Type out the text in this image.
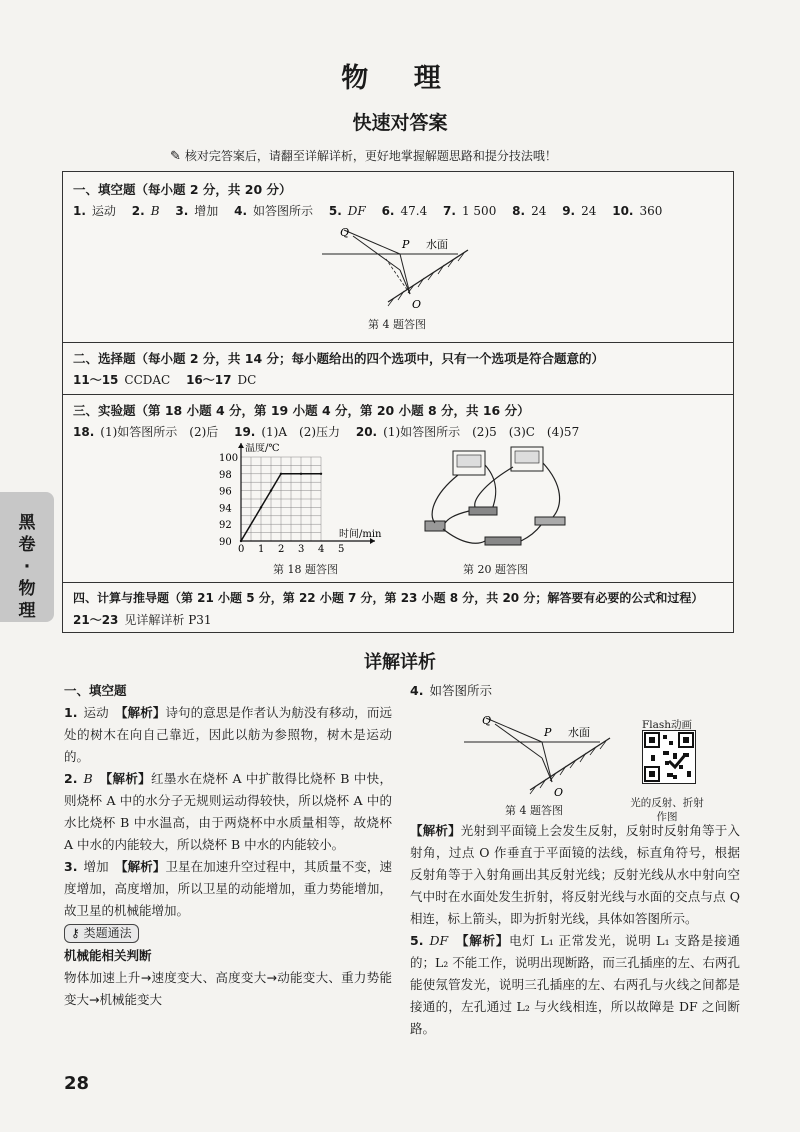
物 理
快速对答案
✎ 核对完答案后，请翻至详解详析，更好地掌握解题思路和提分技法哦！
一、填空题（每小题 2 分，共 20 分）
1. 运动 2. B 3. 增加 4. 如答图所示 5. DF 6. 47.4 7. 1 500 8. 24 9. 24 10. 360
Q
P
O
水面
第 4 题答图
二、选择题（每小题 2 分，共 14 分；每小题给出的四个选项中，只有一个选项是符合题意的）
11～15 CCDAC 16～17 DC
三、实验题（第 18 小题 4 分，第 19 小题 4 分，第 20 小题 8 分，共 16 分）
18. (1)如答图所示　(2)后 19. (1)A　(2)压力 20. (1)如答图所示　(2)5　(3)C　(4)57
0 1 2 3 4 5
90
92
94
96
98
100
温度/℃
时间/min
第 18 题答图	第 20 题答图
四、计算与推导题（第 21 小题 5 分，第 22 小题 7 分，第 23 小题 8 分，共 20 分；解答要有必要的公式和过程）
21～23 见详解详析 P31
黑卷·物理
详解详析

一、填空题

1. 运动　 【解析】诗句的意思是作者认为舫没有移动，而远处的树木在向自己靠近，因此以舫为参照物，树木是运动的。

2. B　 【解析】红墨水在烧杯 A 中扩散得比烧杯 B 中快，则烧杯 A 中的水分子无规则运动得较快，所以烧杯 A 中的水比烧杯 B 中水温高，由于两烧杯中水质量相等，故烧杯 A 中水的内能较大，所以烧杯 B 中水的内能较小。

3. 增加　 【解析】卫星在加速升空过程中，其质量不变，速度增加，高度增加，所以卫星的动能增加，重力势能增加，故卫星的机械能增加。

⚷ 类题通法

机械能相关判断

物体加速上升→速度变大、高度变大→动能变大、重力势能变大→机械能变大

4. 如答图所示

Q
P
O
水面
第 4 题答图
Flash动画
光的反射、折射作图

【解析】光射到平面镜上会发生反射，反射时反射角等于入射角，过点 O 作垂直于平面镜的法线，标直角符号，根据反射角等于入射角画出其反射光线；反射光线从水中射向空气中时在水面处发生折射，将反射光线与水面的交点与点 Q 相连，标上箭头，即为折射光线，具体如答图所示。

5. DF　 【解析】电灯 L₁ 正常发光，说明 L₁ 支路是接通的；L₂ 不能工作，说明出现断路，而三孔插座的左、右两孔能使氖管发光，说明三孔插座的左、右两孔与火线之间都是接通的，左孔通过 L₂ 与火线相连，所以故障是 DF 之间断路。

28
